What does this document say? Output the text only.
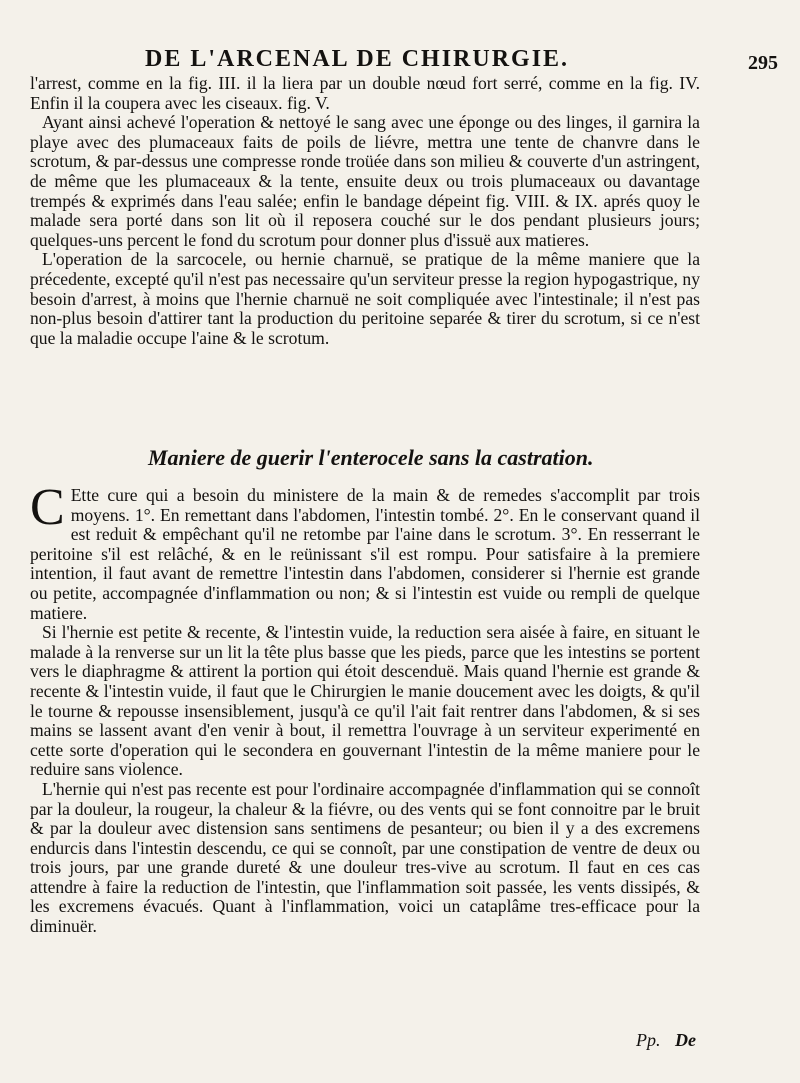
DE L'ARCENAL DE CHIRURGIE.	295

l'arrest, comme en la fig. III. il la liera par un double nœud fort serré, comme en la fig. IV. Enfin il la coupera avec les ciseaux. fig. V.

Ayant ainsi achevé l'operation & nettoyé le sang avec une éponge ou des linges, il garnira la playe avec des plumaceaux faits de poils de liévre, mettra une tente de chanvre dans le scrotum, & par-dessus une compresse ronde troüée dans son milieu & couverte d'un astringent, de même que les plumaceaux & la tente, ensuite deux ou trois plumaceaux ou davantage trempés & exprimés dans l'eau salée; enfin le bandage dépeint fig. VIII. & IX. aprés quoy le malade sera porté dans son lit où il reposera couché sur le dos pendant plusieurs jours; quelques-uns percent le fond du scrotum pour donner plus d'issuë aux matieres.

L'operation de la sarcocele, ou hernie charnuë, se pratique de la même maniere que la précedente, excepté qu'il n'est pas necessaire qu'un serviteur presse la region hypogastrique, ny besoin d'arrest, à moins que l'hernie charnuë ne soit compliquée avec l'intestinale; il n'est pas non-plus besoin d'attirer tant la production du peritoine separée & tirer du scrotum, si ce n'est que la maladie occupe l'aine & le scrotum.

Maniere de guerir l'enterocele sans la castration.

C Ette cure qui a besoin du ministere de la main & de remedes s'accomplit par trois moyens. 1°. En remettant dans l'abdomen, l'intestin tombé. 2°. En le conservant quand il est reduit & empêchant qu'il ne retombe par l'aine dans le scrotum. 3°. En resserrant le peritoine s'il est relâché, & en le reünissant s'il est rompu. Pour satisfaire à la premiere intention, il faut avant de remettre l'intestin dans l'abdomen, considerer si l'hernie est grande ou petite, accompagnée d'inflammation ou non; & si l'intestin est vuide ou rempli de quelque matiere.

Si l'hernie est petite & recente, & l'intestin vuide, la reduction sera aisée à faire, en situant le malade à la renverse sur un lit la tête plus basse que les pieds, parce que les intestins se portent vers le diaphragme & attirent la portion qui étoit descenduë. Mais quand l'hernie est grande & recente & l'intestin vuide, il faut que le Chirurgien le manie doucement avec les doigts, & qu'il le tourne & repousse insensiblement, jusqu'à ce qu'il l'ait fait rentrer dans l'abdomen, & si ses mains se lassent avant d'en venir à bout, il remettra l'ouvrage à un serviteur experimenté en cette sorte d'operation qui le secondera en gouvernant l'intestin de la même maniere pour le reduire sans violence.

L'hernie qui n'est pas recente est pour l'ordinaire accompagnée d'inflammation qui se connoît par la douleur, la rougeur, la chaleur & la fiévre, ou des vents qui se font connoitre par le bruit & par la douleur avec distension sans sentimens de pesanteur; ou bien il y a des excremens endurcis dans l'intestin descendu, ce qui se connoît, par une constipation de ventre de deux ou trois jours, par une grande dureté & une douleur tres-vive au scrotum. Il faut en ces cas attendre à faire la reduction de l'intestin, que l'inflammation soit passée, les vents dissipés, & les excremens évacués. Quant à l'inflammation, voici un cataplâme tres-efficace pour la diminuër.

Pp. De
